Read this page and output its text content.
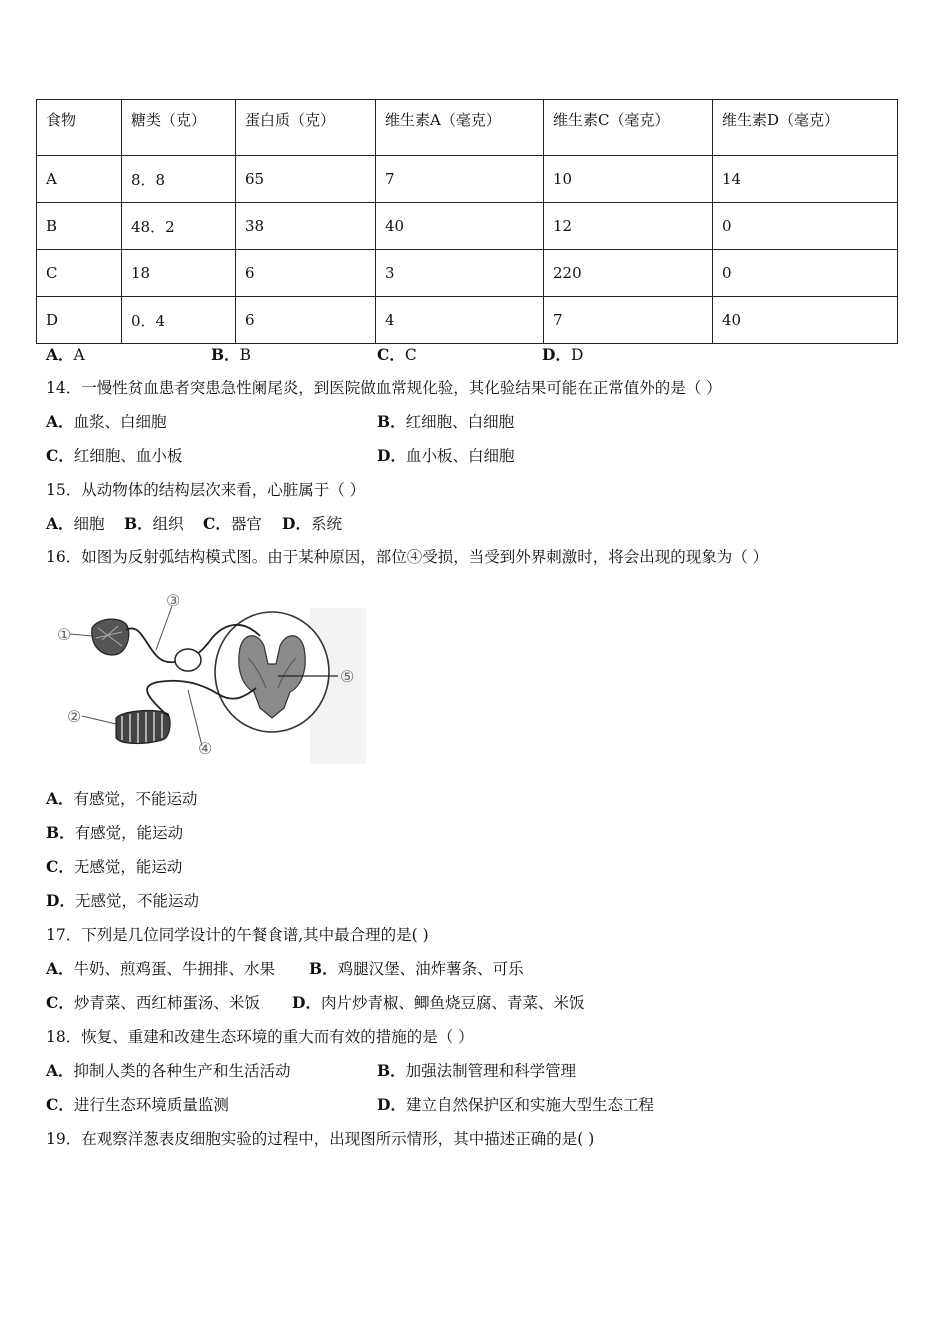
食物	糖类（克）	蛋白质（克）	维生素A（毫克）	维生素C（毫克）	维生素D（毫克）
A	8．8	65	7	10	14
B	48．2	38	40	12	0
C	18	6	3	220	0
D	0．4	6	4	7	40
A．A	B．B	C．C	D．D
14．一慢性贫血患者突患急性阑尾炎，到医院做血常规化验，其化验结果可能在正常值外的是（ ）
A．血浆、白细胞	B．红细胞、白细胞
C．红细胞、血小板	D．血小板、白细胞
15．从动物体的结构层次来看，心脏属于（ ）
A．细胞 B．组织 C．器官 D．系统
16．如图为反射弧结构模式图。由于某种原因，部位④受损，当受到外界刺激时，将会出现的现象为（ ）
①
②
③
④
⑤
A．有感觉，不能运动
B．有感觉，能运动
C．无感觉，能运动
D．无感觉，不能运动
17．下列是几位同学设计的午餐食谱,其中最合理的是( )
A．牛奶、煎鸡蛋、牛拥排、水果 B．鸡腿汉堡、油炸薯条、可乐
C．炒青菜、西红柿蛋汤、米饭 D．肉片炒青椒、鲫鱼烧豆腐、青菜、米饭
18．恢复、重建和改建生态环境的重大而有效的措施的是（ ）
A．抑制人类的各种生产和生活活动	B．加强法制管理和科学管理
C．进行生态环境质量监测	D．建立自然保护区和实施大型生态工程
19．在观察洋葱表皮细胞实验的过程中，出现图所示情形，其中描述正确的是( )
